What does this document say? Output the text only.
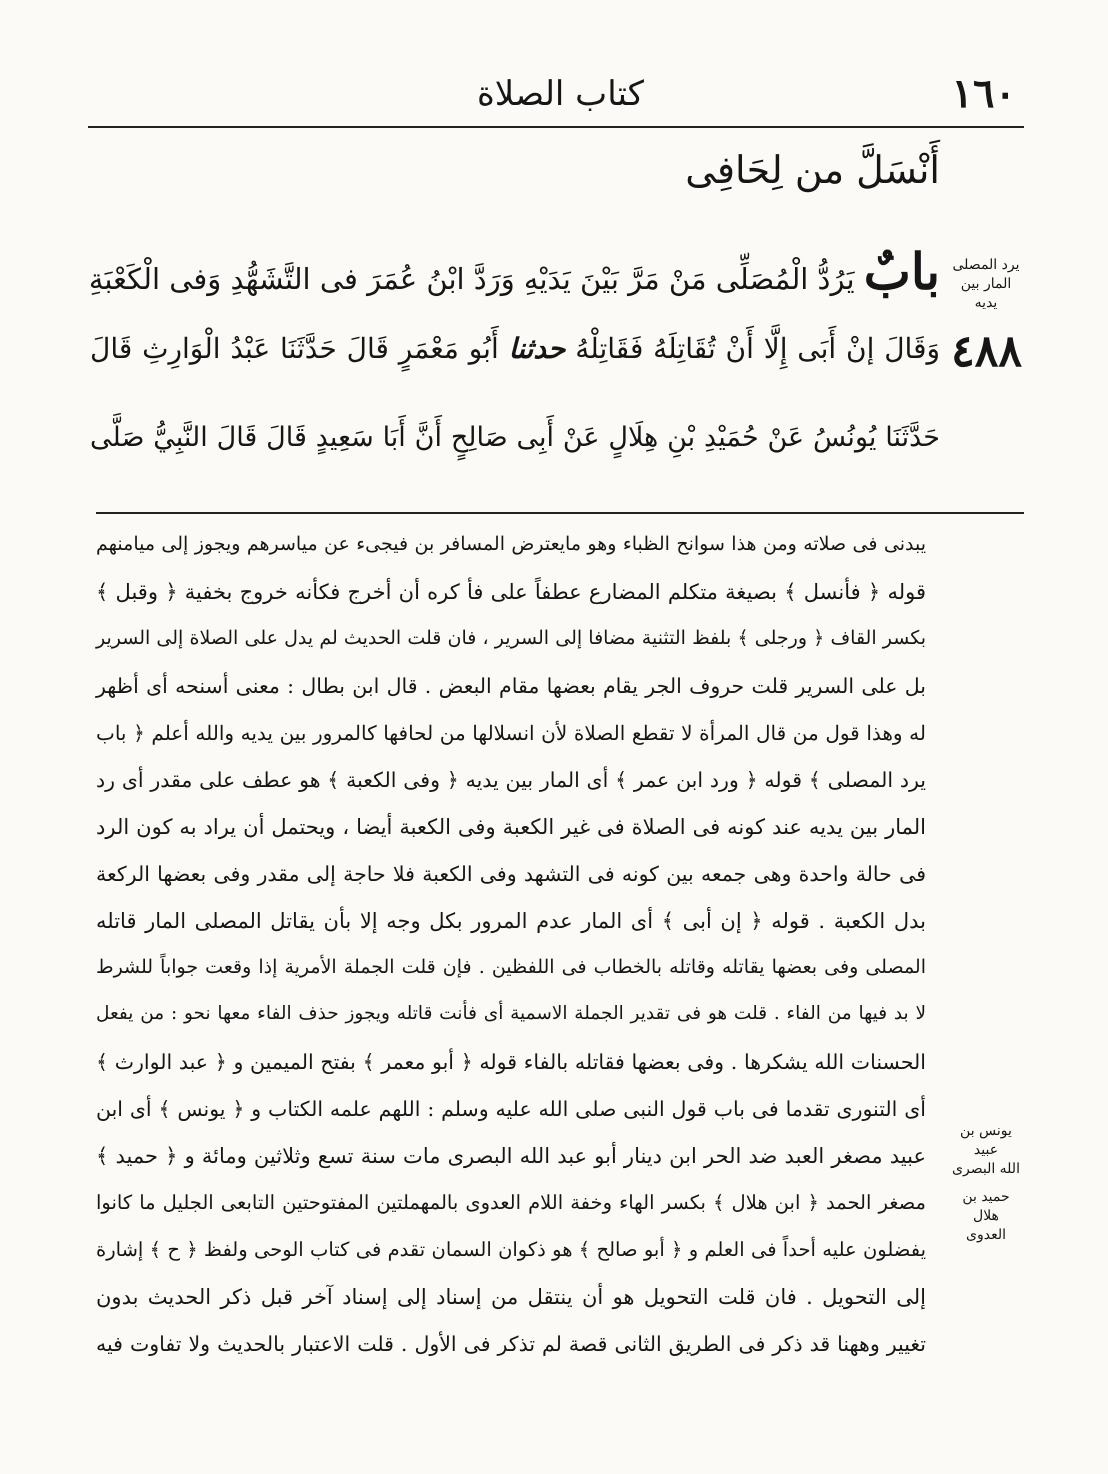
١٦٠
كتاب الصلاة
أَنْسَلَّ من لِحَافِى
بابٌ يَرُدُّ الْمُصَلِّى مَنْ مَرَّ بَيْنَ يَدَيْهِ وَرَدَّ ابْنُ عُمَرَ فى التَّشَهُّدِ وَفى الْكَعْبَةِ
وَقَالَ إنْ أَبَى إِلَّا أَنْ تُقَاتِلَهُ فَقَاتِلْهُ حدثنا أَبُو مَعْمَرٍ قَالَ حَدَّثَنَا عَبْدُ الْوَارِثِ قَالَ
حَدَّثَنَا يُونُسُ عَنْ حُمَيْدِ بْنِ هِلَالٍ عَنْ أَبِى صَالِحٍ أَنَّ أَبَا سَعِيدٍ قَالَ قَالَ النَّبِيُّ صَلَّى
٤٨٨
يرد المصلى
المار بين يديه
يونس بن عبيد
الله البصرى
حميد بن هلال
العدوى
يبدنى فى صلاته ومن هذا سوانح الظباء وهو مايعترض المسافر بن فيجىء عن مياسرهم ويجوز إلى ميامنهم
قوله ﴿ فأنسل ﴾ بصيغة متكلم المضارع عطفاً على فأ كره أن أخرج فكأنه خروج بخفية ﴿ وقبل ﴾
بكسر القاف ﴿ ورجلى ﴾ بلفظ التثنية مضافا إلى السرير ، فان قلت الحديث لم يدل على الصلاة إلى السرير
بل على السرير قلت حروف الجر يقام بعضها مقام البعض . قال ابن بطال : معنى أسنحه أى أظهر
له وهذا قول من قال المرأة لا تقطع الصلاة لأن انسلالها من لحافها كالمرور بين يديه والله أعلم ﴿ باب
يرد المصلى ﴾ قوله ﴿ ورد ابن عمر ﴾ أى المار بين يديه ﴿ وفى الكعبة ﴾ هو عطف على مقدر أى رد
المار بين يديه عند كونه فى الصلاة فى غير الكعبة وفى الكعبة أيضا ، ويحتمل أن يراد به كون الرد
فى حالة واحدة وهى جمعه بين كونه فى التشهد وفى الكعبة فلا حاجة إلى مقدر وفى بعضها الركعة
بدل الكعبة . قوله ﴿ إن أبى ﴾ أى المار عدم المرور بكل وجه إلا بأن يقاتل المصلى المار قاتله
المصلى وفى بعضها يقاتله وقاتله بالخطاب فى اللفظين . فإن قلت الجملة الأمرية إذا وقعت جواباً للشرط
لا بد فيها من الفاء . قلت هو فى تقدير الجملة الاسمية أى فأنت قاتله ويجوز حذف الفاء معها نحو : من يفعل
الحسنات الله يشكرها . وفى بعضها فقاتله بالفاء قوله ﴿ أبو معمر ﴾ بفتح الميمين و ﴿ عبد الوارث ﴾
أى التنورى تقدما فى باب قول النبى صلى الله عليه وسلم : اللهم علمه الكتاب و ﴿ يونس ﴾ أى ابن
عبيد مصغر العبد ضد الحر ابن دينار أبو عبد الله البصرى مات سنة تسع وثلاثين ومائة و ﴿ حميد ﴾
مصغر الحمد ﴿ ابن هلال ﴾ بكسر الهاء وخفة اللام العدوى بالمهملتين المفتوحتين التابعى الجليل ما كانوا
يفضلون عليه أحداً فى العلم و ﴿ أبو صالح ﴾ هو ذكوان السمان تقدم فى كتاب الوحى ولفظ ﴿ ح ﴾ إشارة
إلى التحويل . فان قلت التحويل هو أن ينتقل من إسناد إلى إسناد آخر قبل ذكر الحديث بدون
تغيير وههنا قد ذكر فى الطريق الثانى قصة لم تذكر فى الأول . قلت الاعتبار بالحديث ولا تفاوت فيه
